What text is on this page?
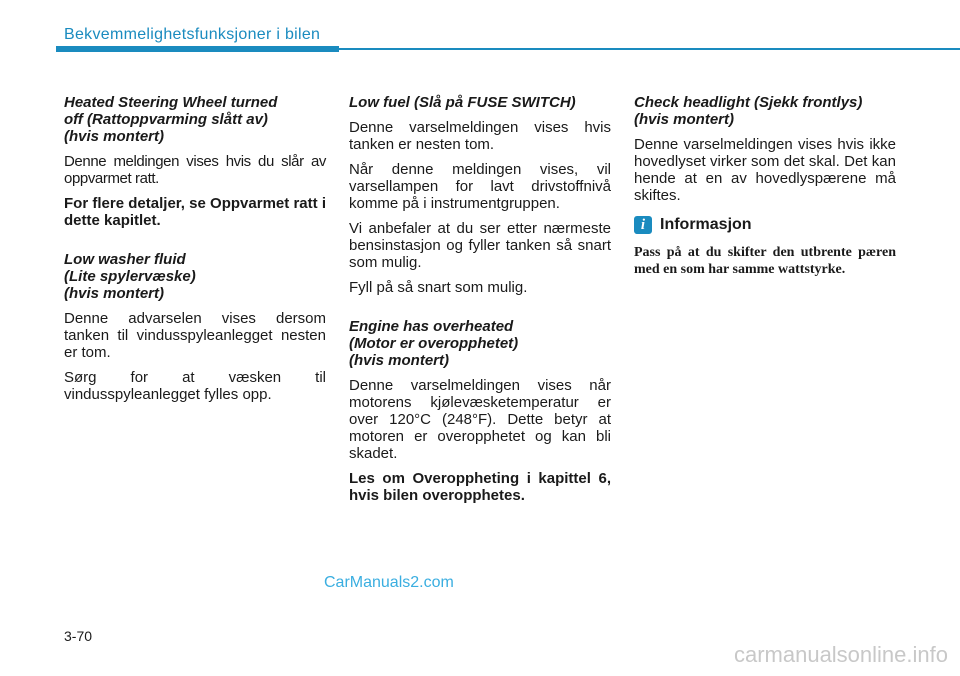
Bekvemmelighetsfunksjoner i bilen
Heated Steering Wheel turned
off (Rattoppvarming slått av)
(hvis montert)

Denne meldingen vises hvis du slår av oppvarmet ratt.

For flere detaljer, se Oppvarmet ratt i dette kapitlet.

Low washer fluid
(Lite spylervæske)
(hvis montert)

Denne advarselen vises dersom tanken til vindusspyleanlegget nesten er tom.

Sørg for at væsken til vindusspyleanlegget fylles opp.

Low fuel (Slå på FUSE SWITCH)

Denne varselmeldingen vises hvis tanken er nesten tom.

Når denne meldingen vises, vil varsellampen for lavt drivstoffnivå komme på i instrumentgruppen.

Vi anbefaler at du ser etter nærmeste bensinstasjon og fyller tanken så snart som mulig.

Fyll på så snart som mulig.

Engine has overheated
(Motor er overopphetet)
(hvis montert)

Denne varselmeldingen vises når motorens kjølevæsketemperatur er over 120°C (248°F). Dette betyr at motoren er overopphetet og kan bli skadet.

Les om Overoppheting i kapittel 6, hvis bilen overopphetes.

Check headlight (Sjekk frontlys)
(hvis montert)

Denne varselmeldingen vises hvis ikke hovedlyset virker som det skal. Det kan hende at en av hovedlyspærene må skiftes.

i Informasjon

Pass på at du skifter den utbrente pæren med en som har samme wattstyrke.

CarManuals2.com
3-70
carmanualsonline.info
